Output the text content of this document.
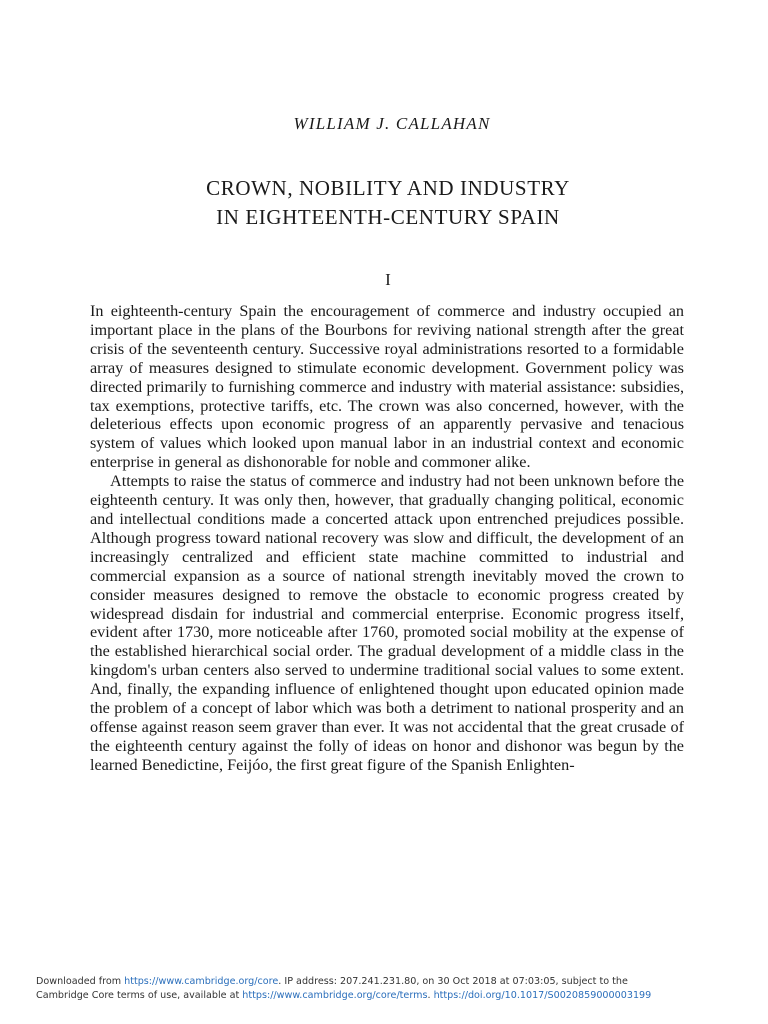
WILLIAM J. CALLAHAN
CROWN, NOBILITY AND INDUSTRY
IN EIGHTEENTH-CENTURY SPAIN
I

In eighteenth-century Spain the encouragement of commerce and industry occupied an important place in the plans of the Bourbons for reviving national strength after the great crisis of the seventeenth century. Successive royal administrations resorted to a formidable array of measures designed to stimulate economic development. Government policy was directed primarily to furnishing commerce and industry with material assistance: subsidies, tax exemptions, protective tariffs, etc. The crown was also concerned, however, with the deleterious effects upon economic progress of an apparently pervasive and tenacious system of values which looked upon manual labor in an industrial context and economic enterprise in general as dishonorable for noble and commoner alike.

Attempts to raise the status of commerce and industry had not been unknown before the eighteenth century. It was only then, however, that gradually changing political, economic and intellectual conditions made a concerted attack upon entrenched prejudices possible. Although progress toward national recovery was slow and difficult, the development of an increasingly centralized and efficient state machine committed to industrial and commercial expansion as a source of national strength inevitably moved the crown to consider measures designed to remove the obstacle to economic progress created by widespread disdain for industrial and commercial enterprise. Economic progress itself, evident after 1730, more noticeable after 1760, promoted social mobility at the expense of the established hierarchical social order. The gradual development of a middle class in the kingdom's urban centers also served to undermine traditional social values to some extent. And, finally, the expanding influence of enlightened thought upon educated opinion made the problem of a concept of labor which was both a detriment to national prosperity and an offense against reason seem graver than ever. It was not accidental that the great crusade of the eighteenth century against the folly of ideas on honor and dishonor was begun by the learned Benedictine, Feijóo, the first great figure of the Spanish Enlighten-

Downloaded from https://www.cambridge.org/core. IP address: 207.241.231.80, on 30 Oct 2018 at 07:03:05, subject to the
Cambridge Core terms of use, available at https://www.cambridge.org/core/terms. https://doi.org/10.1017/S0020859000003199
